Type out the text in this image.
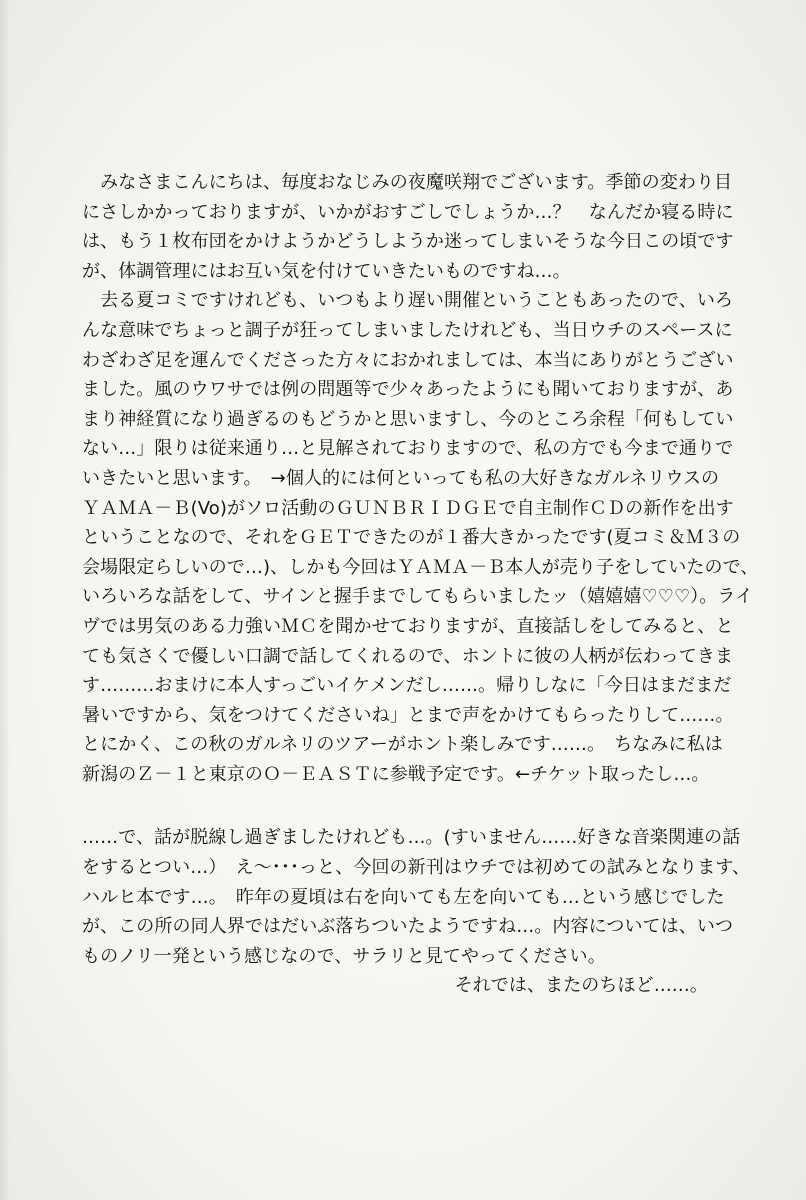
　みなさまこんにちは、毎度おなじみの夜魔咲翔でございます。季節の変わり目
にさしかかっておりますが、いかがおすごしでしょうか…？　なんだか寝る時に
は、もう１枚布団をかけようかどうしようか迷ってしまいそうな今日この頃です
が、体調管理にはお互い気を付けていきたいものですね…。
　去る夏コミですけれども、いつもより遅い開催ということもあったので、いろ
んな意味でちょっと調子が狂ってしまいましたけれども、当日ウチのスペースに
わざわざ足を運んでくださった方々におかれましては、本当にありがとうござい
ました。風のウワサでは例の問題等で少々あったようにも聞いておりますが、あ
まり神経質になり過ぎるのもどうかと思いますし、今のところ余程「何もしてい
ない…」限りは従来通り…と見解されておりますので、私の方でも今まで通りで
いきたいと思います。　→個人的には何といっても私の大好きなガルネリウスの
ＹＡＭＡ－Ｂ(Vo)がソロ活動のＧＵＮＢＲＩＤＧＥで自主制作ＣＤの新作を出す
ということなので、それをＧＥＴできたのが１番大きかったです(夏コミ＆Ｍ３の
会場限定らしいので…)、しかも今回はＹＡＭＡ－Ｂ本人が売り子をしていたので、
いろいろな話をして、サインと握手までしてもらいましたッ（嬉嬉嬉♡♡♡）。ライ
ヴでは男気のある力強いＭＣを聞かせておりますが、直接話しをしてみると、と
ても気さくで優しい口調で話してくれるので、ホントに彼の人柄が伝わってきま
す………おまけに本人すっごいイケメンだし……。帰りしなに「今日はまだまだ
暑いですから、気をつけてくださいね」とまで声をかけてもらったりして……。
とにかく、この秋のガルネリのツアーがホント楽しみです……。　ちなみに私は
新潟のＺ－１と東京のＯ－ＥＡＳＴに参戦予定です。←チケット取ったし…。
……で、話が脱線し過ぎましたけれども…。(すいません……好きな音楽関連の話
をするとつい…）　え～･･･っと、今回の新刊はウチでは初めての試みとなります、
ハルヒ本です…。　昨年の夏頃は右を向いても左を向いても…という感じでした
が、この所の同人界ではだいぶ落ちついたようですね…。内容については、いつ
ものノリ一発という感じなので、サラリと見てやってください。
それでは、またのちほど……。
